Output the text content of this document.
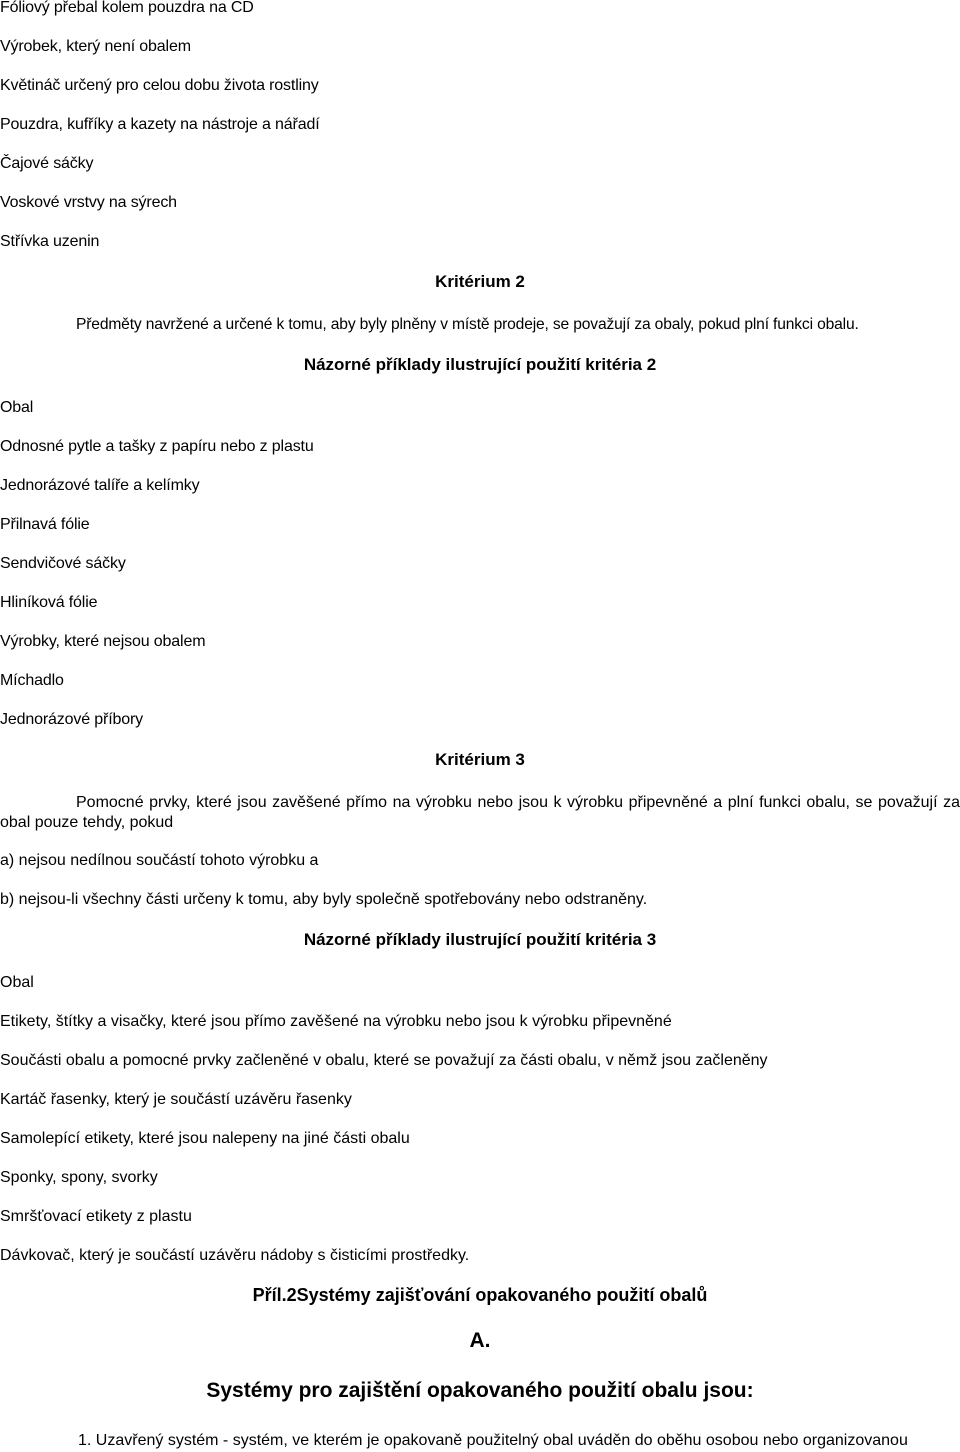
Fóliový přebal kolem pouzdra na CD
Výrobek, který není obalem
Květináč určený pro celou dobu života rostliny
Pouzdra, kufříky a kazety na nástroje a nářadí
Čajové sáčky
Voskové vrstvy na sýrech
Střívka uzenin
Kritérium 2
Předměty navržené a určené k tomu, aby byly plněny v místě prodeje, se považují za obaly, pokud plní funkci obalu.
Názorné příklady ilustrující použití kritéria 2
Obal
Odnosné pytle a tašky z papíru nebo z plastu
Jednorázové talíře a kelímky
Přilnavá fólie
Sendvičové sáčky
Hliníková fólie
Výrobky, které nejsou obalem
Míchadlo
Jednorázové příbory
Kritérium 3
Pomocné prvky, které jsou zavěšené přímo na výrobku nebo jsou k výrobku připevněné a plní funkci obalu, se považují za obal pouze tehdy, pokud
a) nejsou nedílnou součástí tohoto výrobku a
b) nejsou-li všechny části určeny k tomu, aby byly společně spotřebovány nebo odstraněny.
Názorné příklady ilustrující použití kritéria 3
Obal
Etikety, štítky a visačky, které jsou přímo zavěšené na výrobku nebo jsou k výrobku připevněné
Součásti obalu a pomocné prvky začleněné v obalu, které se považují za části obalu, v němž jsou začleněny
Kartáč řasenky, který je součástí uzávěru řasenky
Samolepící etikety, které jsou nalepeny na jiné části obalu
Sponky, spony, svorky
Smršťovací etikety z plastu
Dávkovač, který je součástí uzávěru nádoby s čisticími prostředky.
Příl.2Systémy zajišťování opakovaného použití obalů
A.
Systémy pro zajištění opakovaného použití obalu jsou:
1. Uzavřený systém - systém, ve kterém je opakovaně použitelný obal uváděn do oběhu osobou nebo organizovanou
